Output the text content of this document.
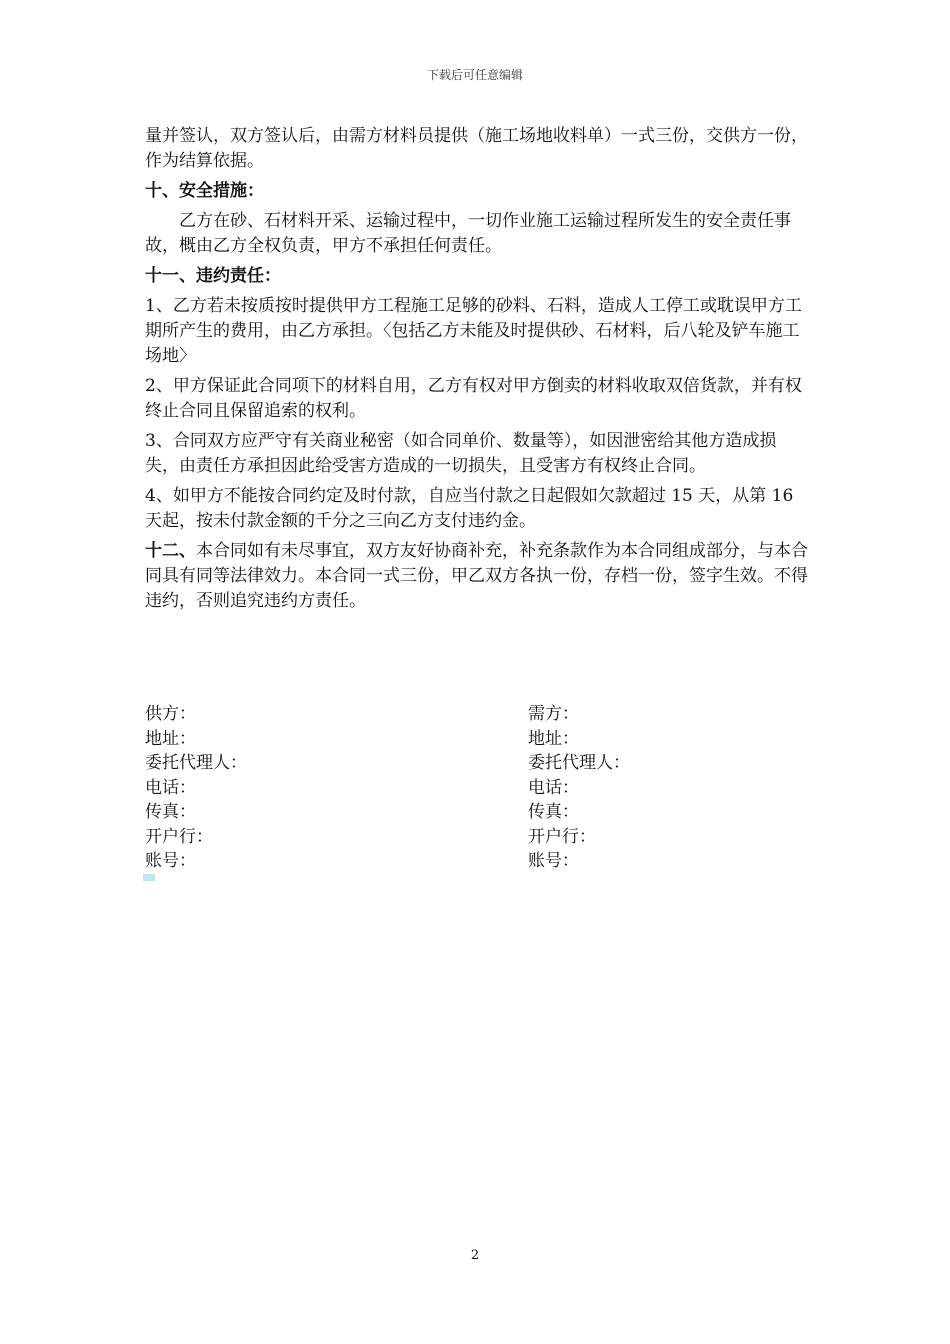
下载后可任意编辑

量并签认，双方签认后，由需方材料员提供（施工场地收料单）一式三份，交供方一份，作为结算依据。

十、安全措施：

乙方在砂、石材料开采、运输过程中，一切作业施工运输过程所发生的安全责任事故，概由乙方全权负责，甲方不承担任何责任。

十一、违约责任：

1、乙方若未按质按时提供甲方工程施工足够的砂料、石料，造成人工停工或耽误甲方工期所产生的费用，由乙方承担。〈包括乙方未能及时提供砂、石材料，后八轮及铲车施工场地〉

2、甲方保证此合同项下的材料自用，乙方有权对甲方倒卖的材料收取双倍货款，并有权终止合同且保留追索的权利。

3、合同双方应严守有关商业秘密（如合同单价、数量等），如因泄密给其他方造成损失，由责任方承担因此给受害方造成的一切损失，且受害方有权终止合同。

4、如甲方不能按合同约定及时付款，自应当付款之日起假如欠款超过 15 天，从第 16 天起，按未付款金额的千分之三向乙方支付违约金。

十二、本合同如有未尽事宜，双方友好协商补充，补充条款作为本合同组成部分，与本合同具有同等法律效力。本合同一式三份，甲乙双方各执一份，存档一份，签字生效。不得违约，否则追究违约方责任。

供方：
地址：
委托代理人：
电话：
传真：
开户行：
账号：
需方：
地址：
委托代理人：
电话：
传真：
开户行：
账号：
2
